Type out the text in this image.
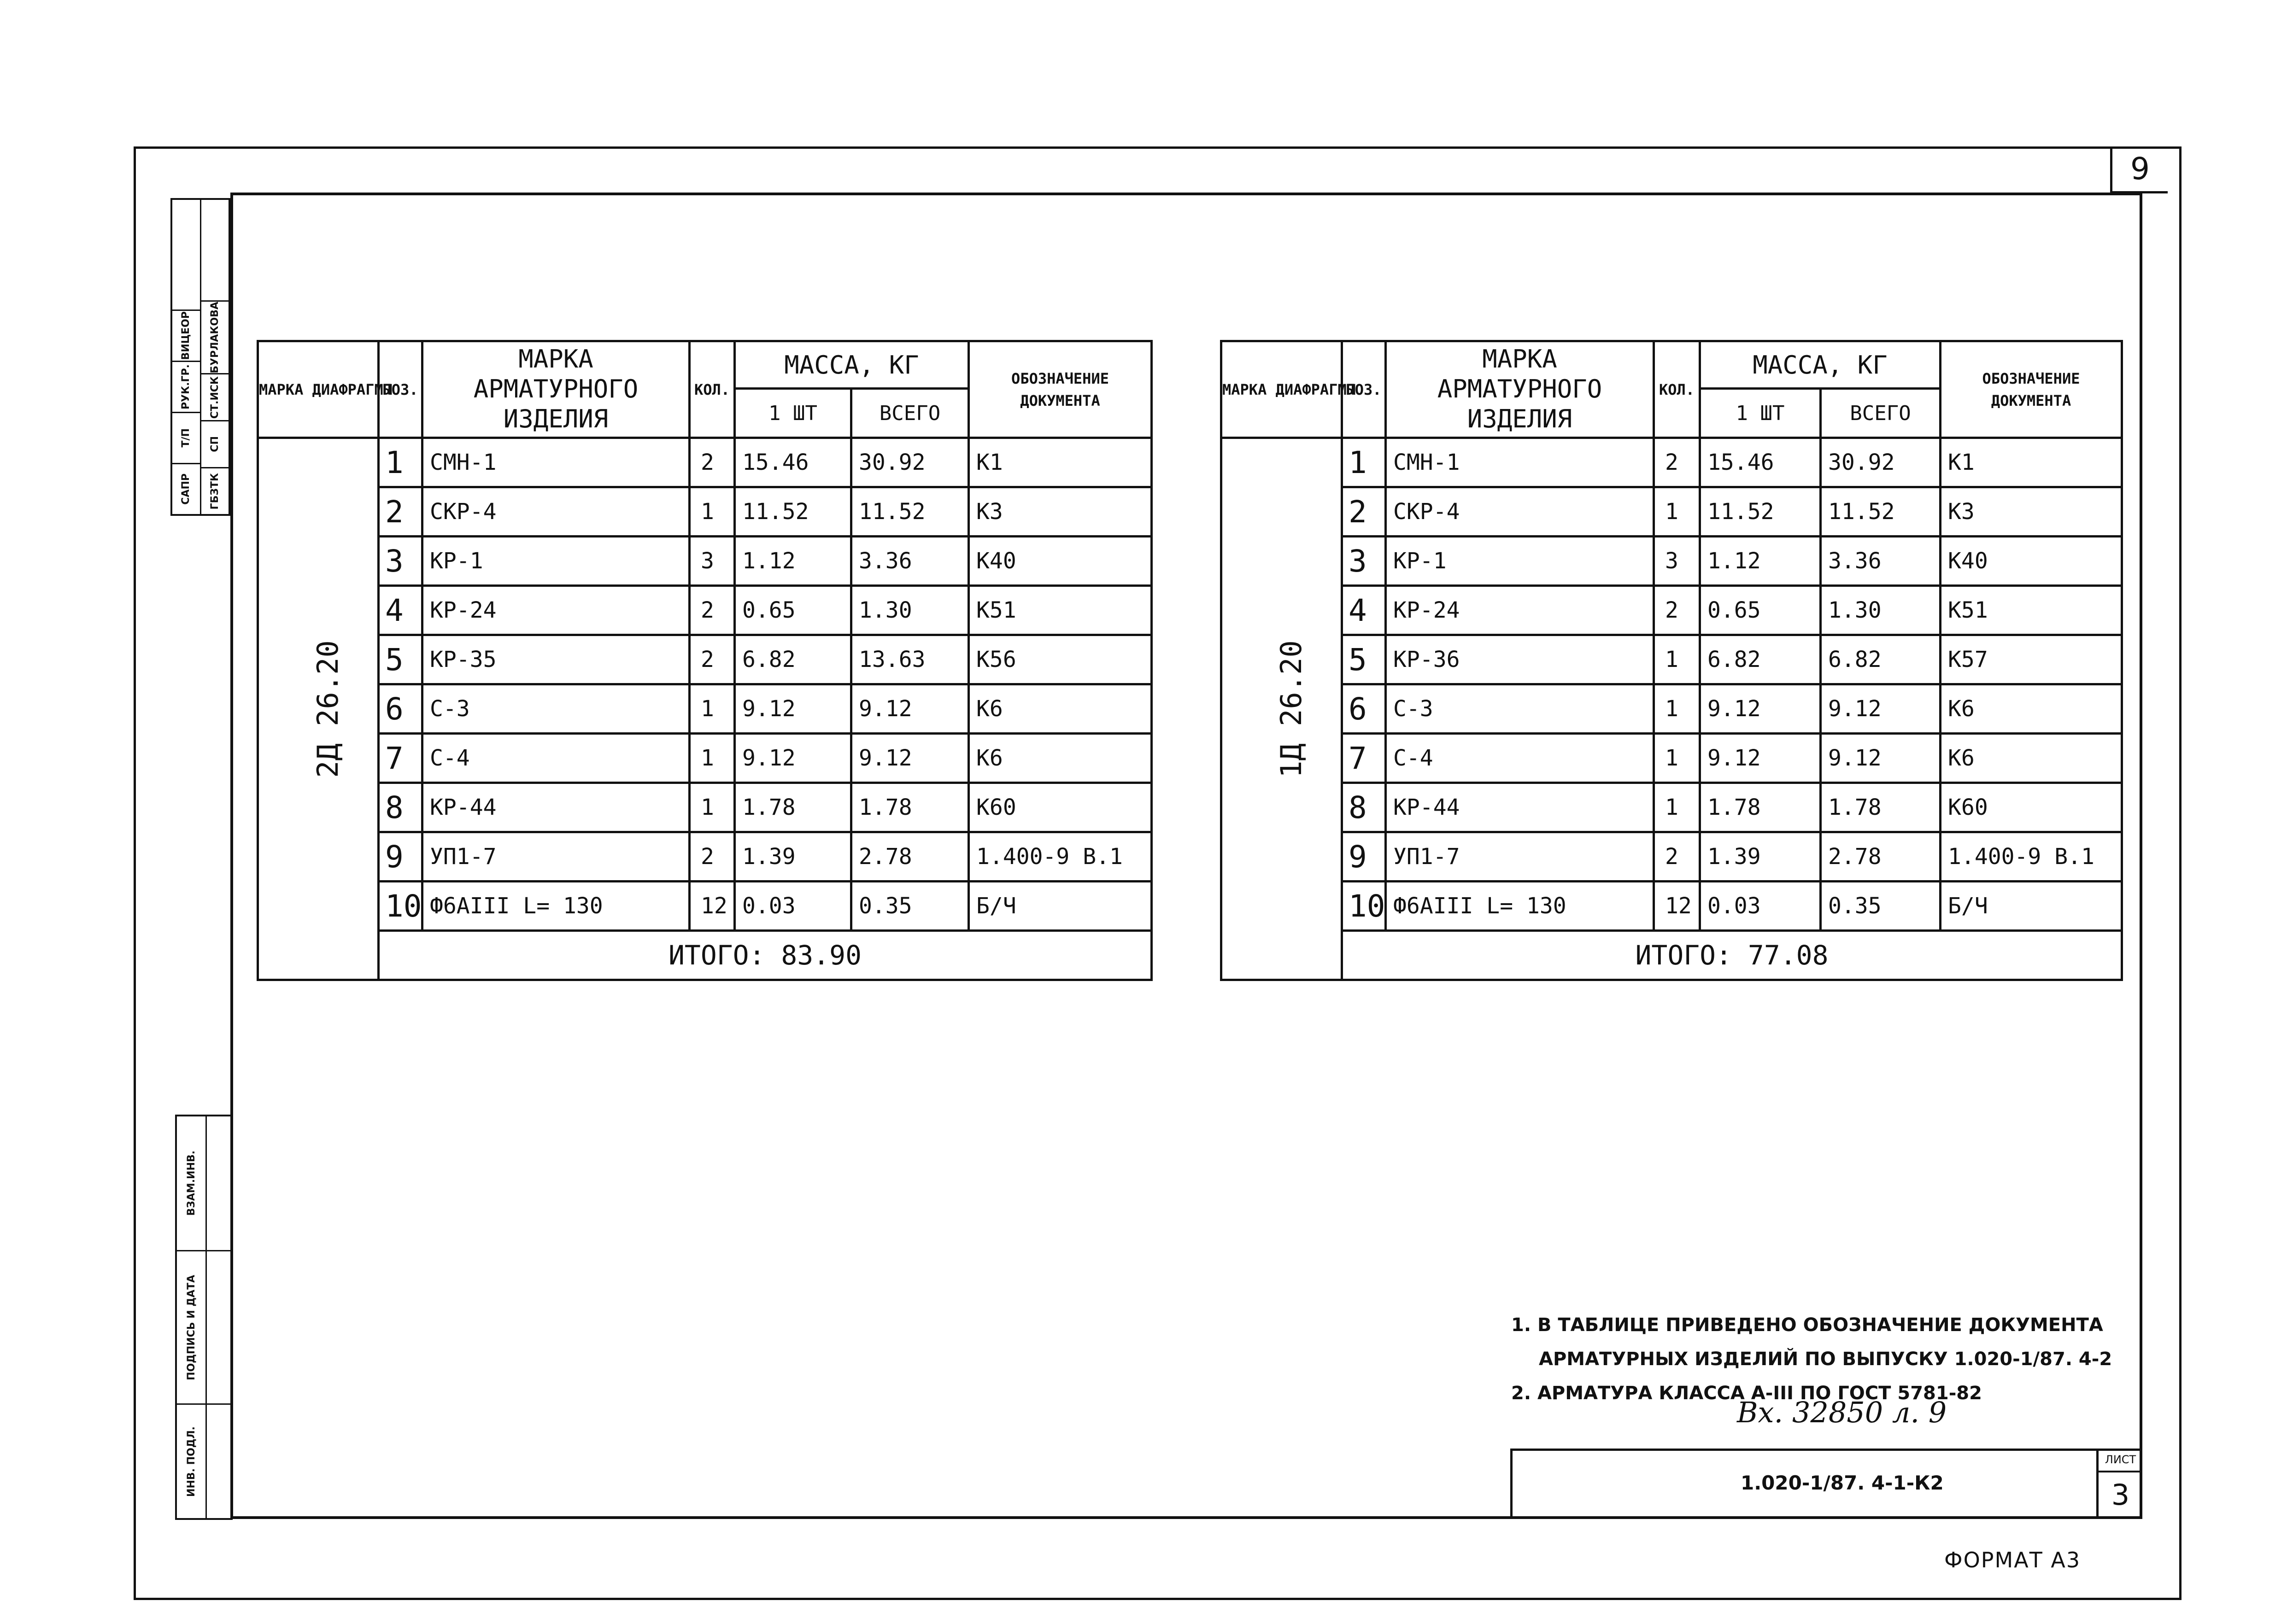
9
ВИЦЕОР
РУК.ГР.
Т/П
САПР
БУРЛАКОВА
СТ.ИСК
СП
ГБЗТК
ВЗАМ.ИНВ.
ПОДПИСЬ И ДАТА
ИНВ. ПОДЛ.
МАРКА ДИАФРАГМЫ	ПОЗ.	МАРКА АРМАТУРНОГО ИЗДЕЛИЯ	КОЛ.	МАССА, КГ		ОБОЗНАЧЕНИЕ ДОКУМЕНТА
				1 ШТ	ВСЕГО	
2Д 26.20	1	СМН-1	2	15.46	30.92	К1
	2	СКР-4	1	11.52	11.52	К3
	3	КР-1	3	1.12	3.36	К40
	4	КР-24	2	0.65	1.30	К51
	5	КР-35	2	6.82	13.63	К56
	6	С-3	1	9.12	9.12	К6
	7	С-4	1	9.12	9.12	К6
	8	КР-44	1	1.78	1.78	К60
	9	УП1-7	2	1.39	2.78	1.400-9 В.1
	10	Ф6AIII L= 130	12	0.03	0.35	Б/Ч
	ИТОГО: 83.90					
МАРКА ДИАФРАГМЫ	ПОЗ.	МАРКА АРМАТУРНОГО ИЗДЕЛИЯ	КОЛ.	МАССА, КГ		ОБОЗНАЧЕНИЕ ДОКУМЕНТА
				1 ШТ	ВСЕГО	
1Д 26.20	1	СМН-1	2	15.46	30.92	К1
	2	СКР-4	1	11.52	11.52	К3
	3	КР-1	3	1.12	3.36	К40
	4	КР-24	2	0.65	1.30	К51
	5	КР-36	1	6.82	6.82	К57
	6	С-3	1	9.12	9.12	К6
	7	С-4	1	9.12	9.12	К6
	8	КР-44	1	1.78	1.78	К60
	9	УП1-7	2	1.39	2.78	1.400-9 В.1
	10	Ф6AIII L= 130	12	0.03	0.35	Б/Ч
	ИТОГО: 77.08					
1. В ТАБЛИЦЕ ПРИВЕДЕНО ОБОЗНАЧЕНИЕ ДОКУМЕНТА
АРМАТУРНЫХ ИЗДЕЛИЙ ПО ВЫПУСКУ 1.020-1/87. 4-2
2. АРМАТУРА КЛАССА А-III ПО ГОСТ 5781-82
Вх. 32850 л. 9
1.020-1/87. 4-1-К2
ЛИСТ
3
ФОРМАТ А3
